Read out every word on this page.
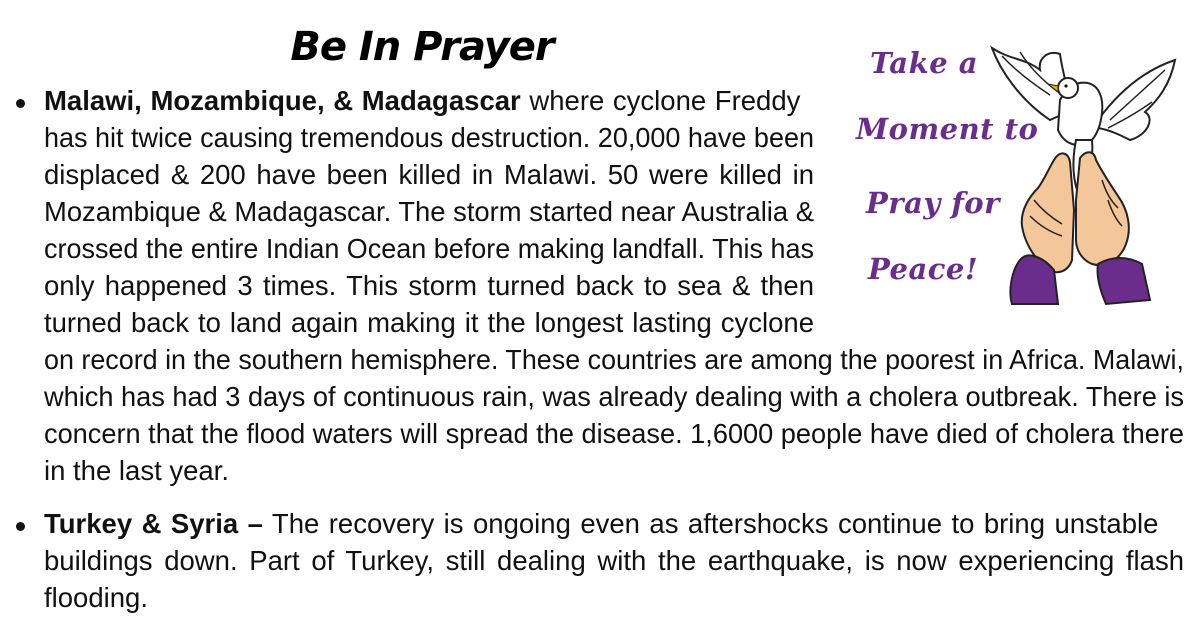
Be In Prayer	Take a
Moment to
Pray for
Peace!
Malawi, Mozambique, & Madagascar where cyclone Freddy
has hit twice causing tremendous destruction. 20,000 have been
displaced & 200 have been killed in Malawi. 50 were killed in
Mozambique & Madagascar. The storm started near Australia &
crossed the entire Indian Ocean before making landfall. This has
only happened 3 times. This storm turned back to sea & then
turned back to land again making it the longest lasting cyclone
on record in the southern hemisphere. These countries are among the poorest in Africa. Malawi,
which has had 3 days of continuous rain, was already dealing with a cholera outbreak. There is
concern that the flood waters will spread the disease. 1,6000 people have died of cholera there
in the last year.
Turkey & Syria – The recovery is ongoing even as aftershocks continue to bring unstable
buildings down. Part of Turkey, still dealing with the earthquake, is now experiencing flash
flooding.
